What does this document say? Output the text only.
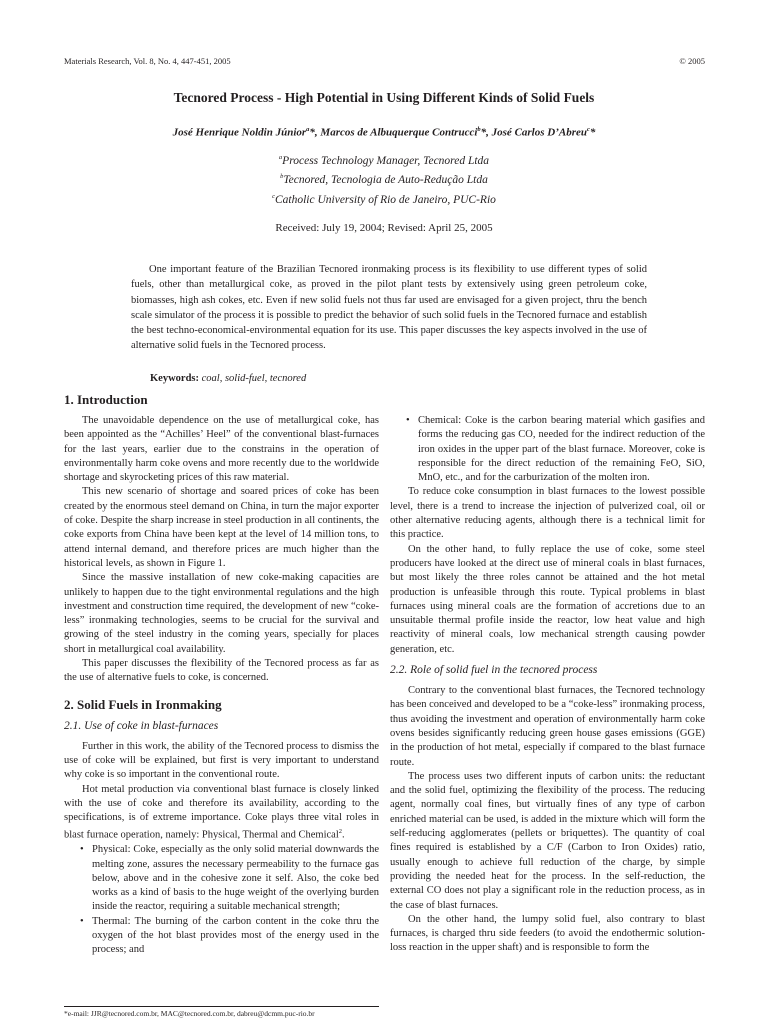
Materials Research, Vol. 8, No. 4, 447-451, 2005	© 2005
Tecnored Process - High Potential in Using Different Kinds of Solid Fuels
José Henrique Noldin Júnior$^a$*, Marcos de Albuquerque Contrucci$^b$*, José Carlos D’Abreu$^c$*
$^a$Process Technology Manager, Tecnored Ltda
$^b$Tecnored, Tecnologia de Auto-Redução Ltda
$^c$Catholic University of Rio de Janeiro, PUC-Rio
Received: July 19, 2004; Revised: April 25, 2005

One important feature of the Brazilian Tecnored ironmaking process is its flexibility to use different types of solid fuels, other than metallurgical coke, as proved in the pilot plant tests by extensively using green petroleum coke, biomasses, high ash cokes, etc. Even if new solid fuels not thus far used are envisaged for a given project, thru the bench scale simulator of the process it is possible to predict the behavior of such solid fuels in the Tecnored furnace and establish the best techno-economical-environmental equation for its use. This paper discusses the key aspects involved in the use of alternative solid fuels in the Tecnored process.

Keywords: coal, solid-fuel, tecnored
1. Introduction

The unavoidable dependence on the use of metallurgical coke, has been appointed as the “Achilles’ Heel” of the conventional blast-furnaces for the last years, earlier due to the constrains in the operation of environmentally harm coke ovens and more recently due to the worldwide shortage and skyrocketing prices of this raw material.

This new scenario of shortage and soared prices of coke has been created by the enormous steel demand on China, in turn the major exporter of coke. Despite the sharp increase in steel production in all continents, the coke exports from China have been kept at the level of 14 million tons, to attend internal demand, and therefore prices are much higher than the historical levels, as shown in Figure 1.

Since the massive installation of new coke-making capacities are unlikely to happen due to the tight environmental regulations and the high investment and construction time required, the development of new “coke-less” ironmaking technologies, seems to be crucial for the survival and growing of the steel industry in the coming years, specially for places short in metallurgical coal availability.

This paper discusses the flexibility of the Tecnored process as far as the use of alternative fuels to coke, is concerned.

2. Solid Fuels in Ironmaking
2.1. Use of coke in blast-furnaces

Further in this work, the ability of the Tecnored process to dismiss the use of coke will be explained, but first is very important to understand why coke is so important in the conventional route.

Hot metal production via conventional blast furnace is closely linked with the use of coke and therefore its availability, according to the specifications, is of extreme importance. Coke plays three vital roles in blast furnace operation, namely: Physical, Thermal and Chemical$^2$.

• Physical: Coke, especially as the only solid material downwards the melting zone, assures the necessary permeability to the furnace gas below, above and in the cohesive zone it self. Also, the coke bed works as a kind of basis to the huge weight of the overlying burden inside the reactor, requiring a suitable mechanical strength;
• Thermal: The burning of the carbon content in the coke thru the oxygen of the hot blast provides most of the energy used in the process; and
• Chemical: Coke is the carbon bearing material which gasifies and forms the reducing gas CO, needed for the indirect reduction of the iron oxides in the upper part of the blast furnace. Moreover, coke is responsible for the direct reduction of the remaining FeO, SiO, MnO, etc., and for the carburization of the molten iron.

To reduce coke consumption in blast furnaces to the lowest possible level, there is a trend to increase the injection of pulverized coal, oil or other alternative reducing agents, although there is a technical limit for this practice.

On the other hand, to fully replace the use of coke, some steel producers have looked at the direct use of mineral coals in blast furnaces, but most likely the three roles cannot be attained and the hot metal production is unfeasible through this route. Typical problems in blast furnaces using mineral coals are the formation of accretions due to an unsuitable thermal profile inside the reactor, low heat value and high reactivity of mineral coals, low mechanical strength causing powder generation, etc.

2.2. Role of solid fuel in the tecnored process

Contrary to the conventional blast furnaces, the Tecnored technology has been conceived and developed to be a “coke-less” ironmaking process, thus avoiding the investment and operation of environmentally harm coke ovens besides significantly reducing green house gases emissions (GGE) in the production of hot metal, especially if compared to the blast furnace route.

The process uses two different inputs of carbon units: the reductant and the solid fuel, optimizing the flexibility of the process. The reducing agent, normally coal fines, but virtually fines of any type of carbon enriched material can be used, is added in the mixture which will form the self-reducing agglomerates (pellets or briquettes). The quantity of coal fines required is established by a C/F (Carbon to Iron Oxides) ratio, usually enough to achieve full reduction of the charge, by simple providing the needed heat for the process. In the self-reduction, the external CO does not play a significant role in the reduction process, as in the case of blast furnaces.

On the other hand, the lumpy solid fuel, also contrary to blast furnaces, is charged thru side feeders (to avoid the endothermic solution-loss reaction in the upper shaft) and is responsible to form the

*e-mail: JJR@tecnored.com.br, MAC@tecnored.com.br, dabreu@dcmm.puc-rio.br
